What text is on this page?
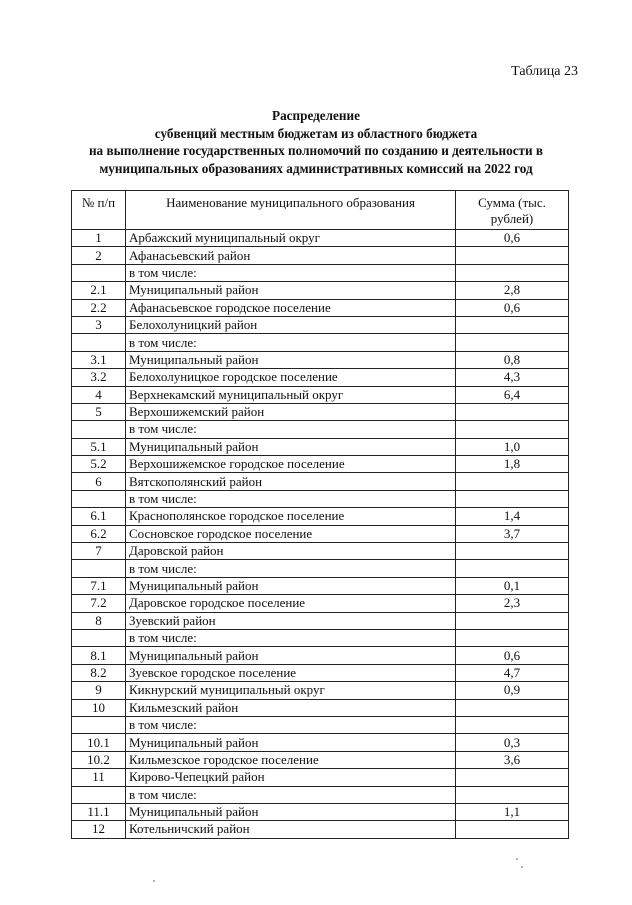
Таблица 23
Распределение
субвенций местным бюджетам из областного бюджета
на выполнение государственных полномочий по созданию и деятельности в
муниципальных образованиях административных комиссий на 2022 год
№ п/п	Наименование муниципального образования	Сумма (тыс. рублей)

1	Арбажский муниципальный округ	0,6
2	Афанасьевский район	
	в том числе:	
2.1	Муниципальный район	2,8
2.2	Афанасьевское городское поселение	0,6
3	Белохолуницкий район	
	в том числе:	
3.1	Муниципальный район	0,8
3.2	Белохолуницкое городское поселение	4,3
4	Верхнекамский муниципальный округ	6,4
5	Верхошижемский район	
	в том числе:	
5.1	Муниципальный район	1,0
5.2	Верхошижемское городское поселение	1,8
6	Вятскополянский район	
	в том числе:	
6.1	Краснополянское городское поселение	1,4
6.2	Сосновское городское поселение	3,7
7	Даровской район	
	в том числе:	
7.1	Муниципальный район	0,1
7.2	Даровское городское поселение	2,3
8	Зуевский район	
	в том числе:	
8.1	Муниципальный район	0,6
8.2	Зуевское городское поселение	4,7
9	Кикнурский муниципальный округ	0,9
10	Кильмезский район	
	в том числе:	
10.1	Муниципальный район	0,3
10.2	Кильмезское городское поселение	3,6
11	Кирово-Чепецкий район	
	в том числе:	
11.1	Муниципальный район	1,1
12	Котельничский район	
